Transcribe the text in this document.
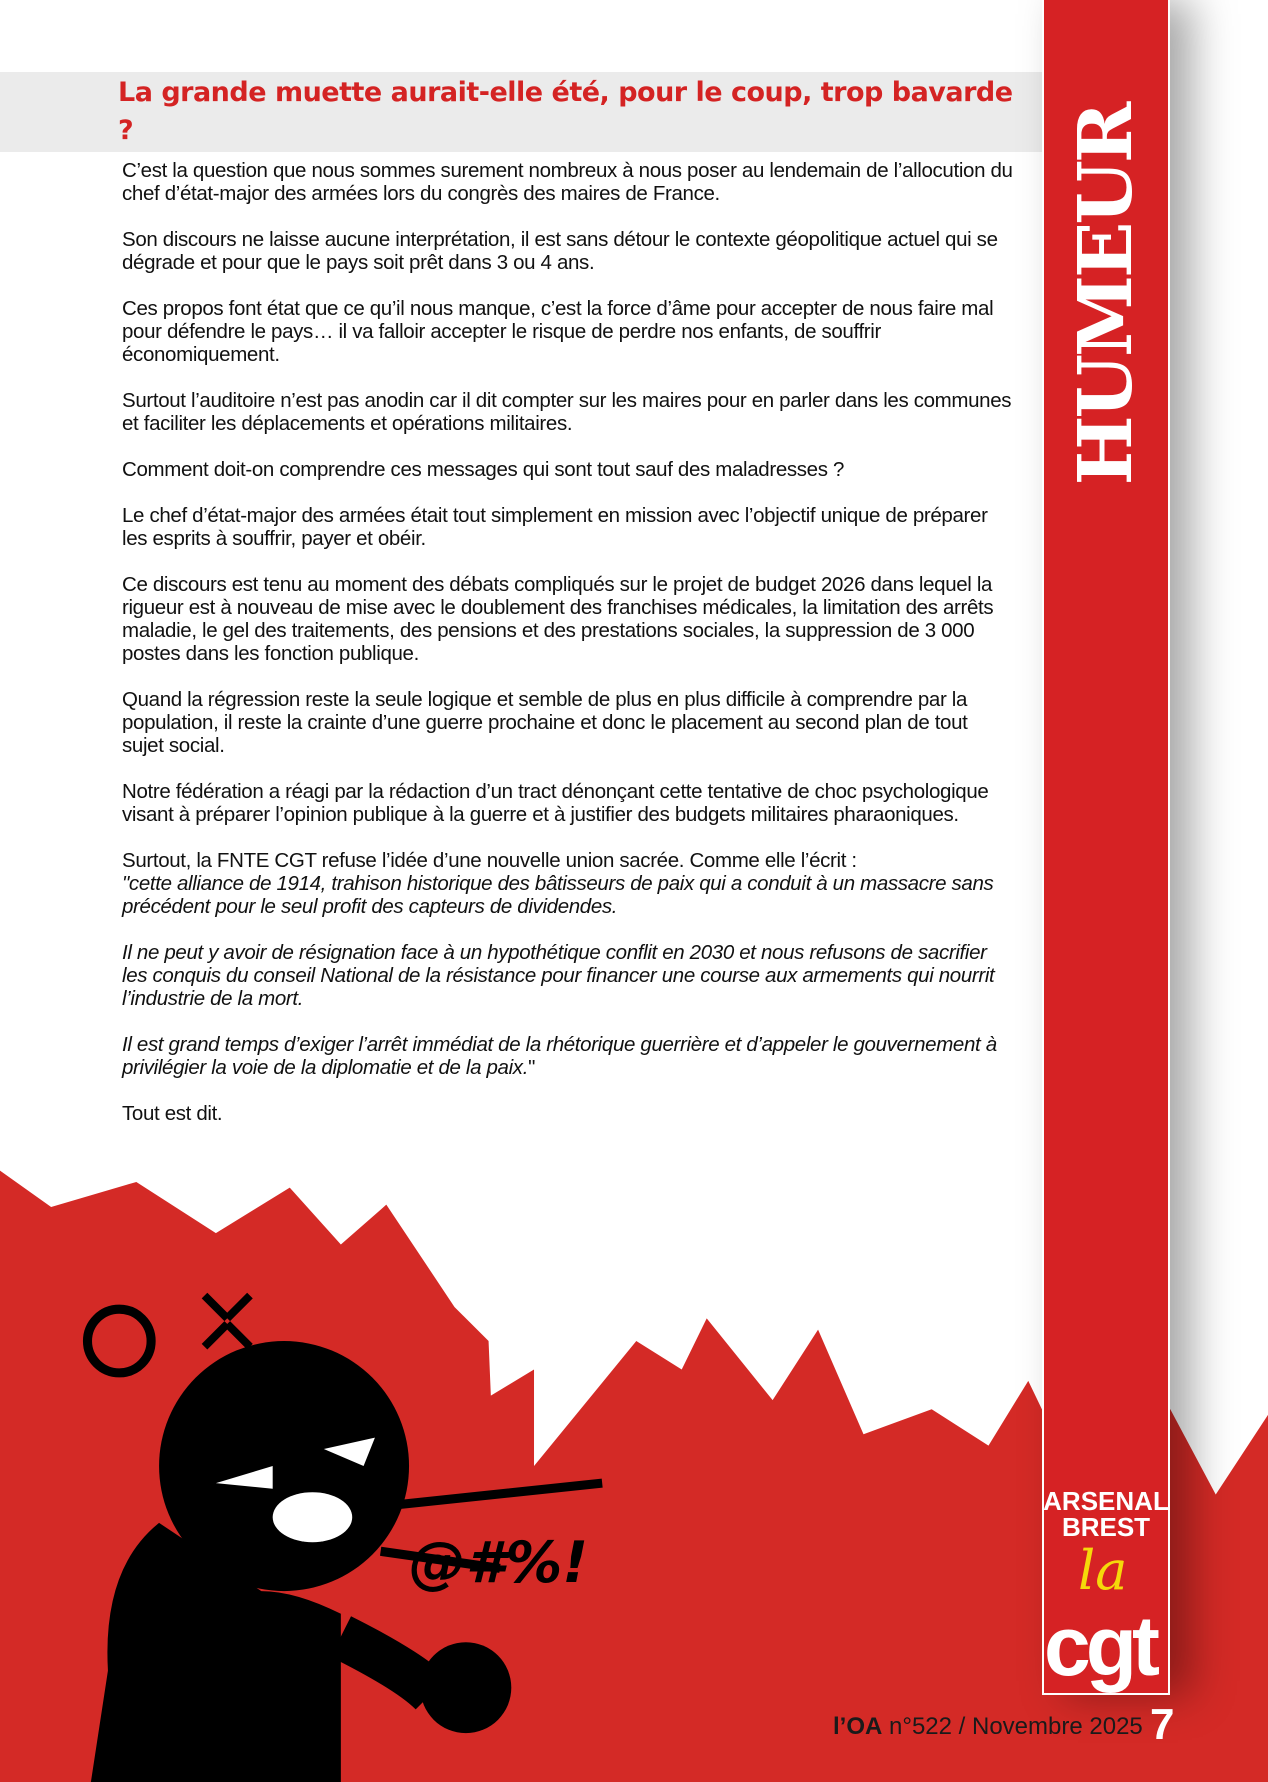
@#%!
La grande muette aurait-elle été, pour le coup, trop bavarde ?

C’est la question que nous sommes surement nombreux à nous poser au lendemain de l’allocution du chef d’état-major des armées lors du congrès des maires de France.

Son discours ne laisse aucune interprétation, il est sans détour le contexte géopolitique actuel qui se dégrade et pour que le pays soit prêt dans 3 ou 4 ans.

Ces propos font état que ce qu’il nous manque, c’est la force d’âme pour accepter de nous faire mal pour défendre le pays… il va falloir accepter le risque de perdre nos enfants, de souffrir économiquement.

Surtout l’auditoire n’est pas anodin car il dit compter sur les maires pour en parler dans les communes et faciliter les déplacements et opérations militaires.

Comment doit-on comprendre ces messages qui sont tout sauf des maladresses ?

Le chef d’état-major des armées était tout simplement en mission avec l’objectif unique de préparer les esprits à souffrir, payer et obéir.

Ce discours est tenu au moment des débats compliqués sur le projet de budget 2026 dans lequel la rigueur est à nouveau de mise avec le doublement des franchises médicales, la limitation des arrêts maladie, le gel des traitements, des pensions et des prestations sociales, la suppression de 3 000 postes dans les fonction publique.

Quand la régression reste la seule logique et semble de plus en plus difficile à comprendre par la population, il reste la crainte d’une guerre prochaine et donc le placement au second plan de tout sujet social.

Notre fédération a réagi par la rédaction d’un tract dénonçant cette tentative de choc psychologique visant à préparer l’opinion publique à la guerre et à justifier des budgets militaires pharaoniques.

Surtout, la FNTE CGT refuse l’idée d’une nouvelle union sacrée. Comme elle l’écrit :
"cette alliance de 1914, trahison historique des bâtisseurs de paix qui a conduit à un massacre sans précédent pour le seul profit des capteurs de dividendes.

Il ne peut y avoir de résignation face à un hypothétique conflit en 2030 et nous refusons de sacrifier les conquis du conseil National de la résistance pour financer une course aux armements qui nourrit l’industrie de la mort.

Il est grand temps d’exiger l’arrêt immédiat de la rhétorique guerrière et d’appeler le gouvernement à privilégier la voie de la diplomatie et de la paix."

Tout est dit.

HUMEUR
ARSENAL
BREST
la
cgt
l’OA n°522 / Novembre 2025 7
